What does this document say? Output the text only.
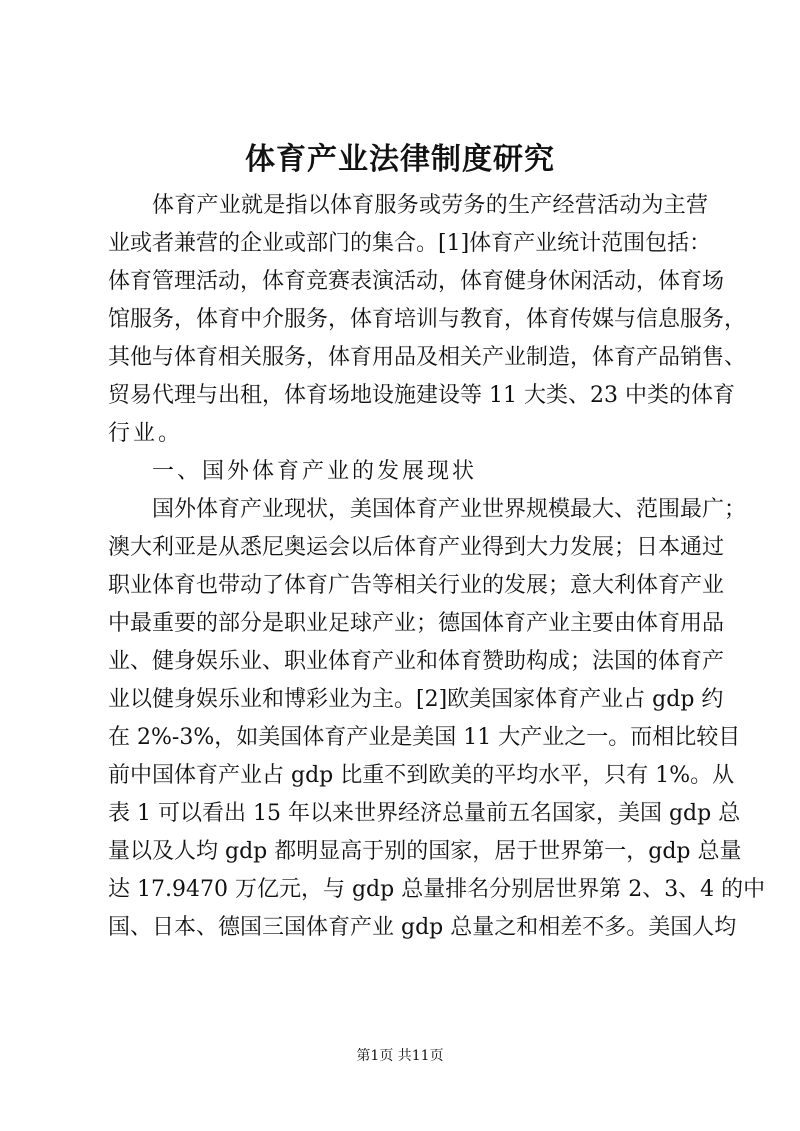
体育产业法律制度研究
体育产业就是指以体育服务或劳务的生产经营活动为主营
业或者兼营的企业或部门的集合。[1]体育产业统计范围包括：
体育管理活动，体育竞赛表演活动，体育健身休闲活动，体育场
馆服务，体育中介服务，体育培训与教育，体育传媒与信息服务，
其他与体育相关服务，体育用品及相关产业制造，体育产品销售、
贸易代理与出租，体育场地设施建设等 11 大类、23 中类的体育
行业。
一、国外体育产业的发展现状
国外体育产业现状，美国体育产业世界规模最大、范围最广；
澳大利亚是从悉尼奥运会以后体育产业得到大力发展；日本通过
职业体育也带动了体育广告等相关行业的发展；意大利体育产业
中最重要的部分是职业足球产业；德国体育产业主要由体育用品
业、健身娱乐业、职业体育产业和体育赞助构成；法国的体育产
业以健身娱乐业和博彩业为主。[2]欧美国家体育产业占 gdp 约
在 2%-3%，如美国体育产业是美国 11 大产业之一。而相比较目
前中国体育产业占 gdp 比重不到欧美的平均水平，只有 1%。从
表 1 可以看出 15 年以来世界经济总量前五名国家，美国 gdp 总
量以及人均 gdp 都明显高于别的国家，居于世界第一，gdp 总量
达 17.9470 万亿元，与 gdp 总量排名分别居世界第 2、3、4 的中
国、日本、德国三国体育产业 gdp 总量之和相差不多。美国人均
第1页 共11页
